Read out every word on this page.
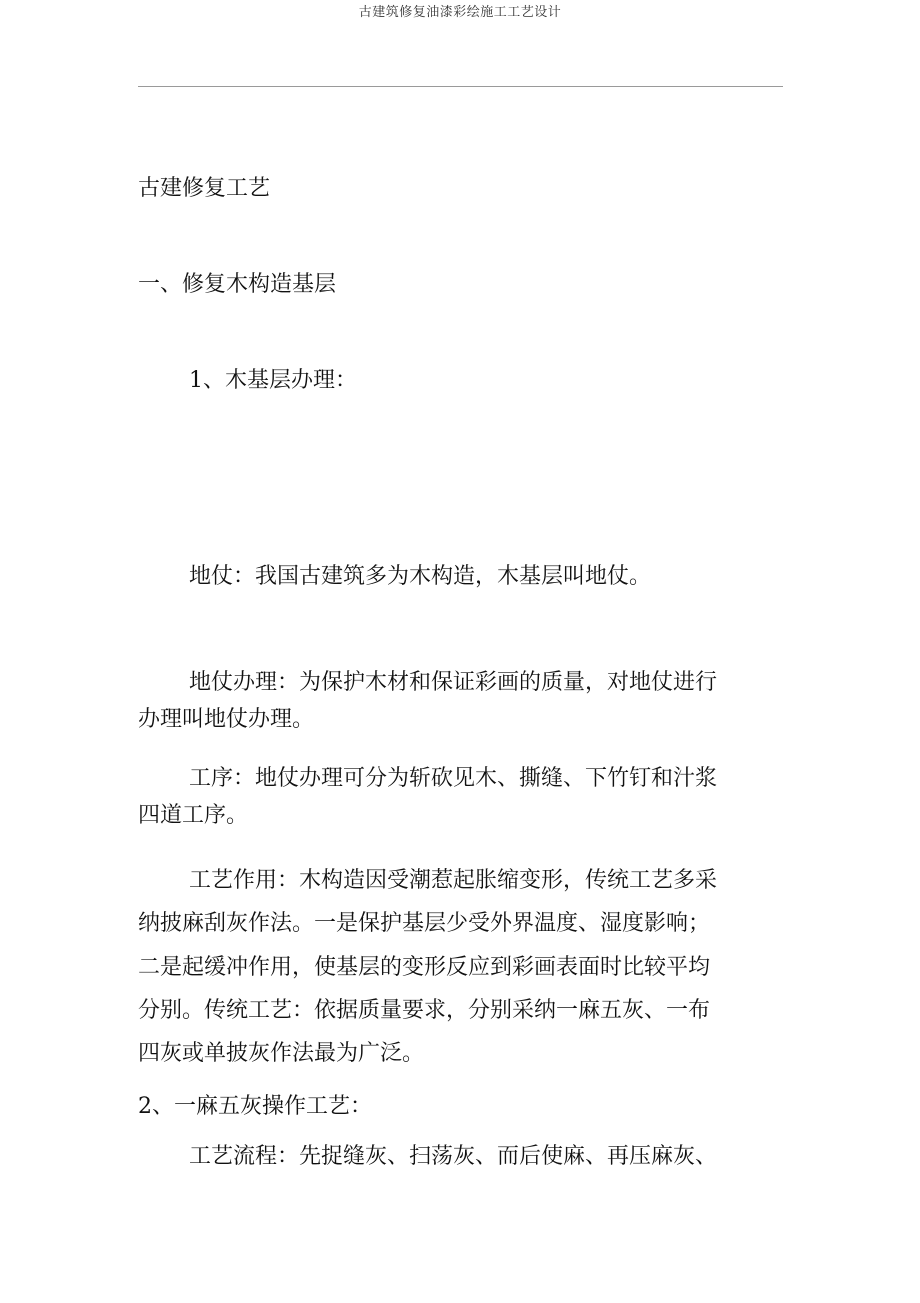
古建筑修复油漆彩绘施工工艺设计
古建修复工艺
一、修复木构造基层
1、木基层办理：
地仗：我国古建筑多为木构造，木基层叫地仗。
地仗办理：为保护木材和保证彩画的质量，对地仗进行
办理叫地仗办理。
工序：地仗办理可分为斩砍见木、撕缝、下竹钉和汁浆
四道工序。
工艺作用：木构造因受潮惹起胀缩变形，传统工艺多采
纳披麻刮灰作法。一是保护基层少受外界温度、湿度影响；
二是起缓冲作用，使基层的变形反应到彩画表面时比较平均
分别。传统工艺：依据质量要求，分别采纳一麻五灰、一布
四灰或单披灰作法最为广泛。
2、一麻五灰操作工艺：
工艺流程：先捉缝灰、扫荡灰、而后使麻、再压麻灰、
